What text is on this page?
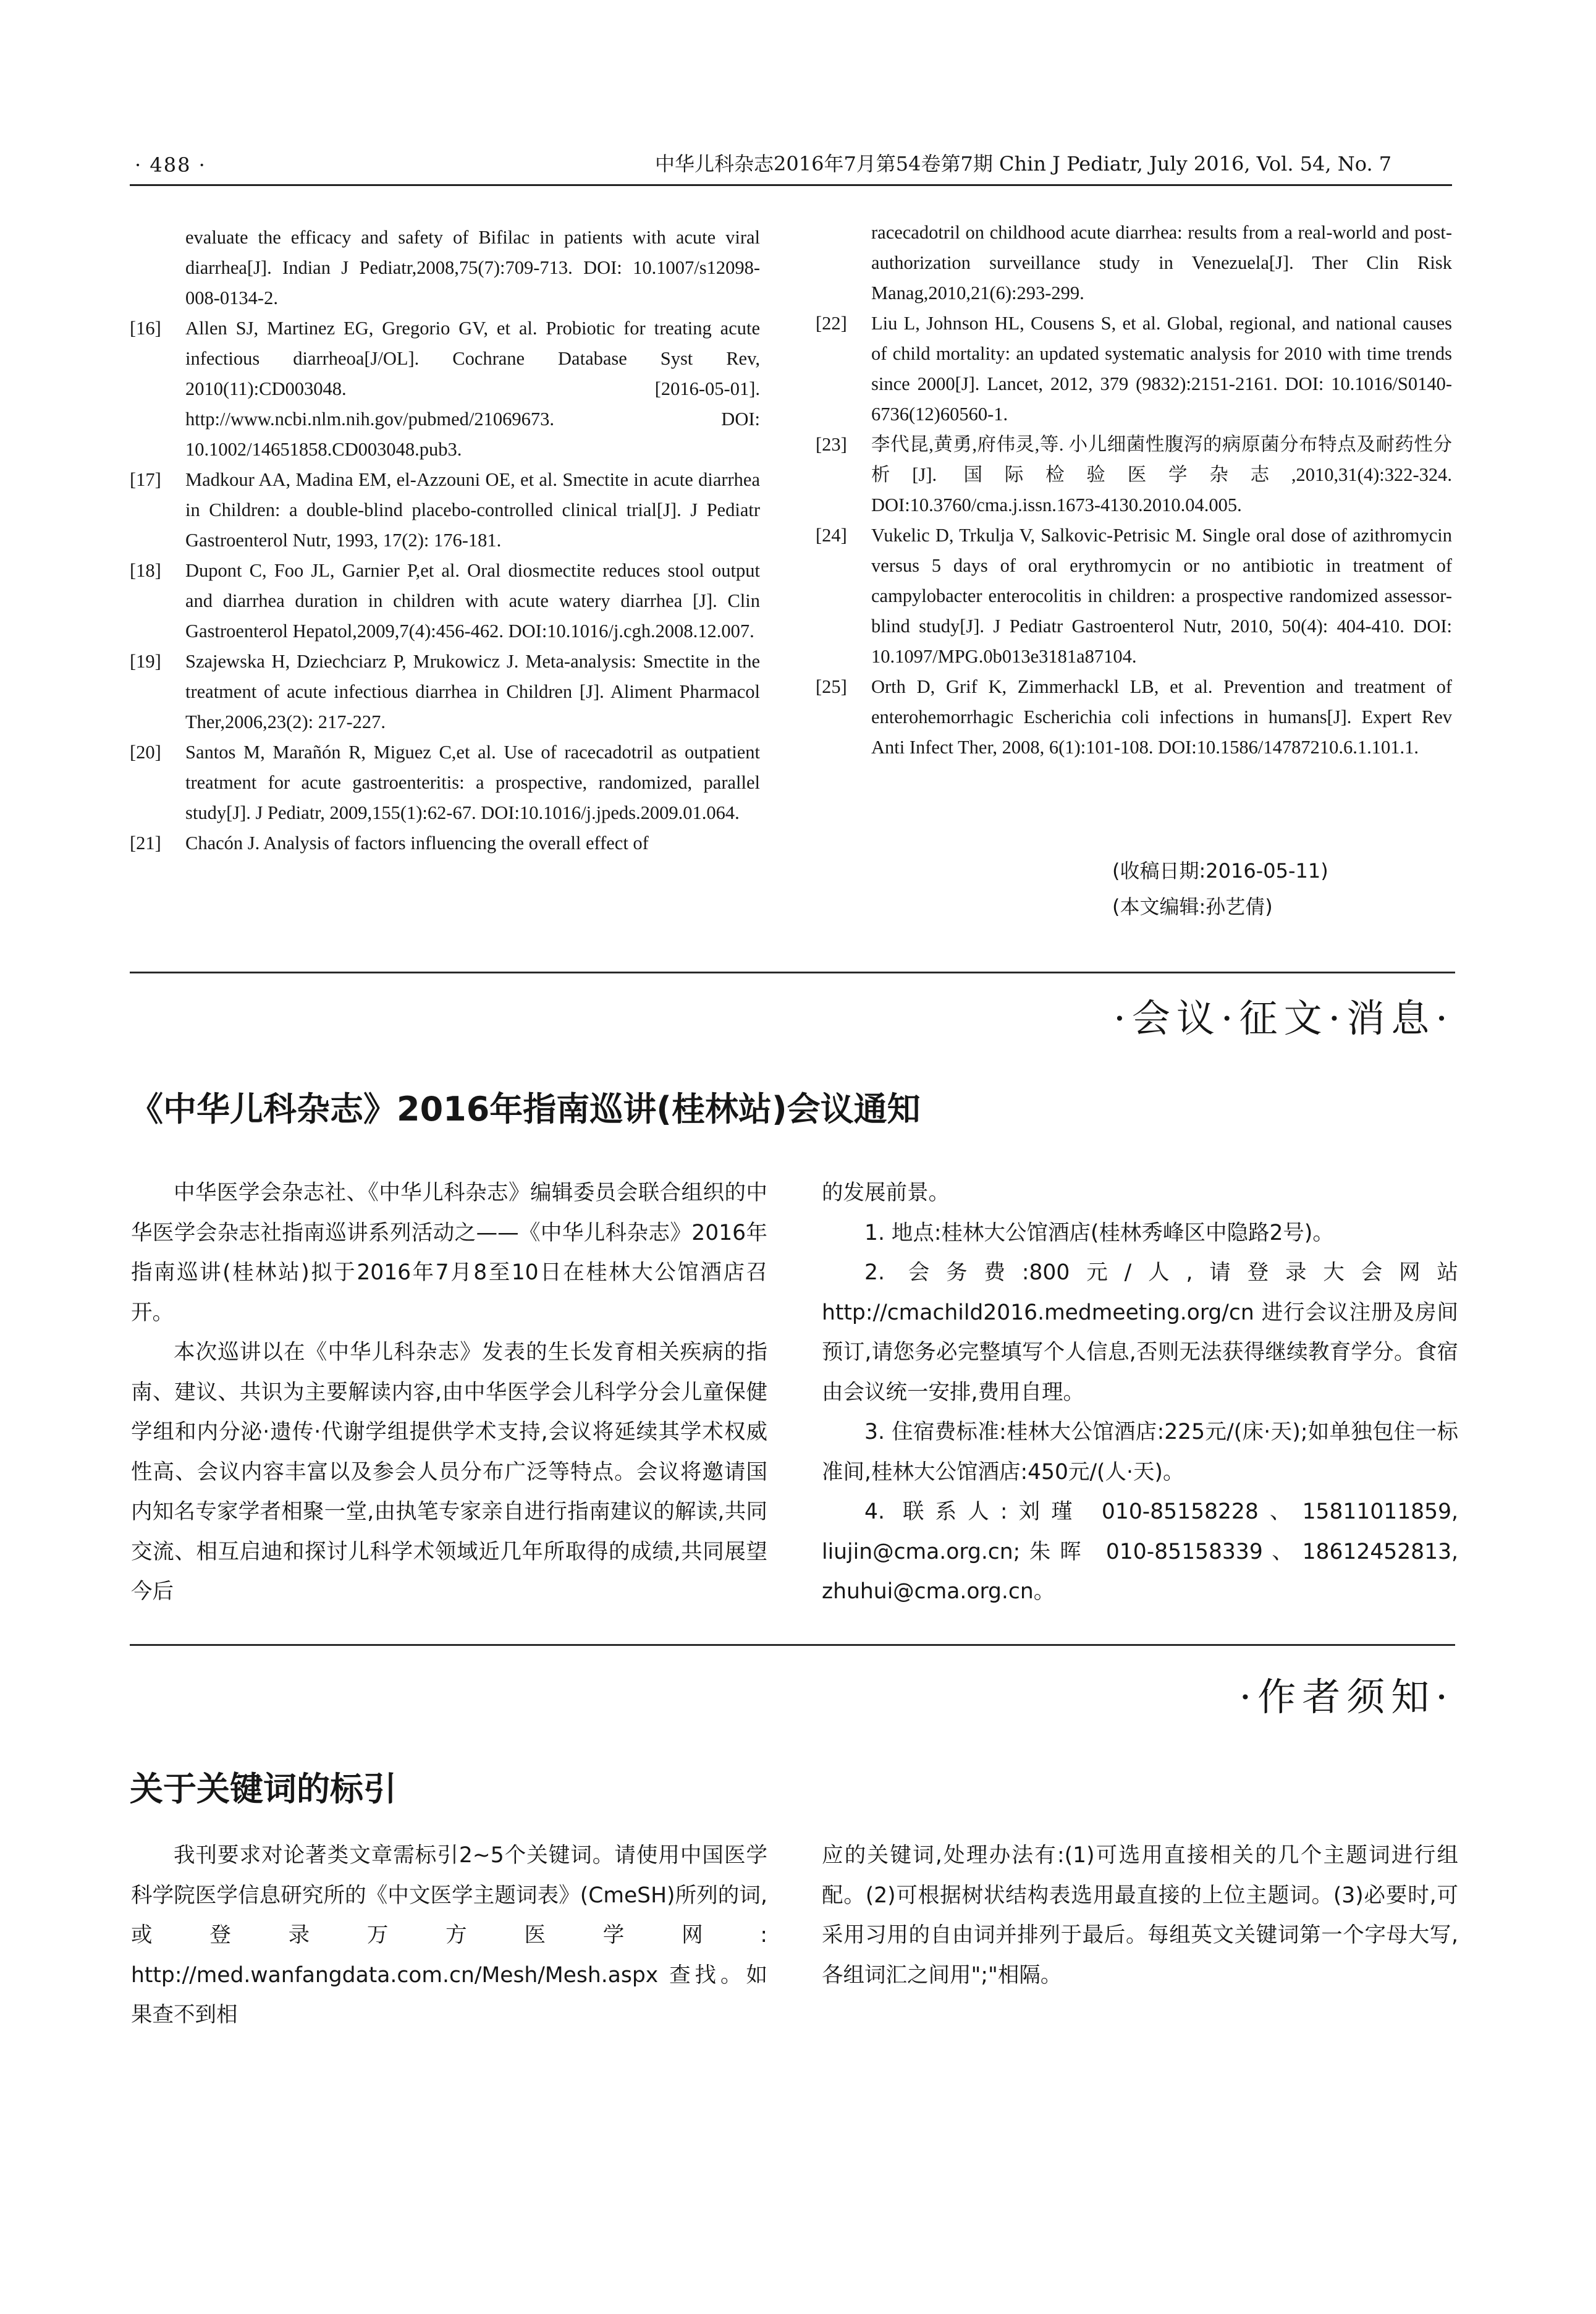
· 488 ·	中华儿科杂志2016年7月第54卷第7期 Chin J Pediatr, July 2016, Vol. 54, No. 7
evaluate the efficacy and safety of Bifilac in patients with acute viral diarrhea[J]. Indian J Pediatr,2008,75(7):709-713. DOI: 10.1007/s12098-008-0134-2.
[16] Allen SJ, Martinez EG, Gregorio GV, et al. Probiotic for treating acute infectious diarrheoa[J/OL]. Cochrane Database Syst Rev, 2010(11):CD003048. [2016-05-01]. http://www.ncbi.nlm.nih.gov/pubmed/21069673. DOI: 10.1002/14651858.CD003048.pub3.
[17] Madkour AA, Madina EM, el-Azzouni OE, et al. Smectite in acute diarrhea in Children: a double-blind placebo-controlled clinical trial[J]. J Pediatr Gastroenterol Nutr, 1993, 17(2): 176-181.
[18] Dupont C, Foo JL, Garnier P,et al. Oral diosmectite reduces stool output and diarrhea duration in children with acute watery diarrhea [J]. Clin Gastroenterol Hepatol,2009,7(4):456-462. DOI:10.1016/j.cgh.2008.12.007.
[19] Szajewska H, Dziechciarz P, Mrukowicz J. Meta-analysis: Smectite in the treatment of acute infectious diarrhea in Children [J]. Aliment Pharmacol Ther,2006,23(2): 217-227.
[20] Santos M, Marañón R, Miguez C,et al. Use of racecadotril as outpatient treatment for acute gastroenteritis: a prospective, randomized, parallel study[J]. J Pediatr, 2009,155(1):62-67. DOI:10.1016/j.jpeds.2009.01.064.
[21] Chacón J. Analysis of factors influencing the overall effect of
racecadotril on childhood acute diarrhea: results from a real-world and post-authorization surveillance study in Venezuela[J]. Ther Clin Risk Manag,2010,21(6):293-299.
[22] Liu L, Johnson HL, Cousens S, et al. Global, regional, and national causes of child mortality: an updated systematic analysis for 2010 with time trends since 2000[J]. Lancet, 2012, 379 (9832):2151-2161. DOI: 10.1016/S0140-6736(12)60560-1.
[23] 李代昆,黄勇,府伟灵,等. 小儿细菌性腹泻的病原菌分布特点及耐药性分析[J]. 国际检验医学杂志,2010,31(4):322-324. DOI:10.3760/cma.j.issn.1673-4130.2010.04.005.
[24] Vukelic D, Trkulja V, Salkovic-Petrisic M. Single oral dose of azithromycin versus 5 days of oral erythromycin or no antibiotic in treatment of campylobacter enterocolitis in children: a prospective randomized assessor-blind study[J]. J Pediatr Gastroenterol Nutr, 2010, 50(4): 404-410. DOI: 10.1097/MPG.0b013e3181a87104.
[25] Orth D, Grif K, Zimmerhackl LB, et al. Prevention and treatment of enterohemorrhagic Escherichia coli infections in humans[J]. Expert Rev Anti Infect Ther, 2008, 6(1):101-108. DOI:10.1586/14787210.6.1.101.1.
(收稿日期:2016-05-11)
(本文编辑:孙艺倩)
·会议·征文·消息·
《中华儿科杂志》2016年指南巡讲(桂林站)会议通知

中华医学会杂志社、《中华儿科杂志》编辑委员会联合组织的中华医学会杂志社指南巡讲系列活动之——《中华儿科杂志》2016年指南巡讲(桂林站)拟于2016年7月8至10日在桂林大公馆酒店召开。

本次巡讲以在《中华儿科杂志》发表的生长发育相关疾病的指南、建议、共识为主要解读内容,由中华医学会儿科学分会儿童保健学组和内分泌·遗传·代谢学组提供学术支持,会议将延续其学术权威性高、会议内容丰富以及参会人员分布广泛等特点。会议将邀请国内知名专家学者相聚一堂,由执笔专家亲自进行指南建议的解读,共同交流、相互启迪和探讨儿科学术领域近几年所取得的成绩,共同展望今后

的发展前景。

1. 地点:桂林大公馆酒店(桂林秀峰区中隐路2号)。

2. 会务费:800元/人,请登录大会网站 http://cmachild2016.medmeeting.org/cn 进行会议注册及房间预订,请您务必完整填写个人信息,否则无法获得继续教育学分。食宿由会议统一安排,费用自理。

3. 住宿费标准:桂林大公馆酒店:225元/(床·天);如单独包住一标准间,桂林大公馆酒店:450元/(人·天)。

4. 联系人:刘瑾 010-85158228、15811011859, liujin@cma.org.cn;朱晖 010-85158339、18612452813, zhuhui@cma.org.cn。

·作者须知·
关于关键词的标引

我刊要求对论著类文章需标引2~5个关键词。请使用中国医学科学院医学信息研究所的《中文医学主题词表》(CmeSH)所列的词,或登录万方医学网: http://med.wanfangdata.com.cn/Mesh/Mesh.aspx 查找。如果查不到相

应的关键词,处理办法有:(1)可选用直接相关的几个主题词进行组配。(2)可根据树状结构表选用最直接的上位主题词。(3)必要时,可采用习用的自由词并排列于最后。每组英文关键词第一个字母大写,各组词汇之间用";"相隔。
